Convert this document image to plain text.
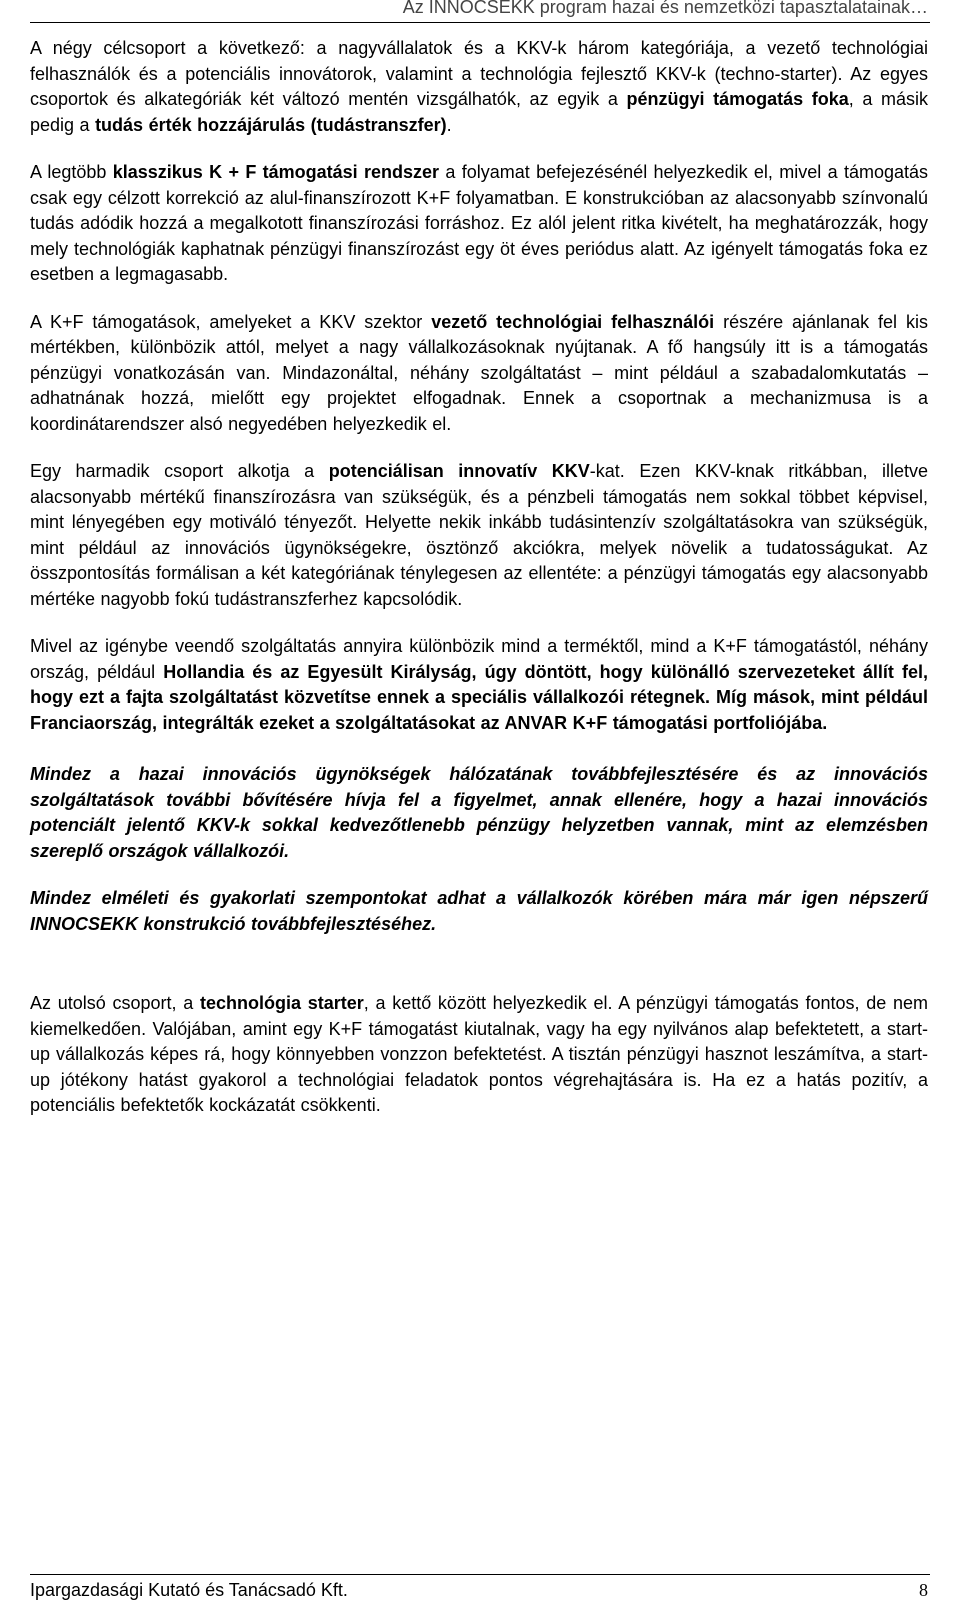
Az INNOCSEKK program hazai és nemzetközi tapasztalatainak…

A négy célcsoport a következő: a nagyvállalatok és a KKV-k három kategóriája, a vezető technológiai felhasználók és a potenciális innovátorok, valamint a technológia fejlesztő KKV-k (techno-starter). Az egyes csoportok és alkategóriák két változó mentén vizsgálhatók, az egyik a pénzügyi támogatás foka, a másik pedig a tudás érték hozzájárulás (tudástranszfer).

A legtöbb klasszikus K + F támogatási rendszer a folyamat befejezésénél helyezkedik el, mivel a támogatás csak egy célzott korrekció az alul-finanszírozott K+F folyamatban. E konstrukcióban az alacsonyabb színvonalú tudás adódik hozzá a megalkotott finanszírozási forráshoz. Ez alól jelent ritka kivételt, ha meghatározzák, hogy mely technológiák kaphatnak pénzügyi finanszírozást egy öt éves periódus alatt. Az igényelt támogatás foka ez esetben a legmagasabb.

A K+F támogatások, amelyeket a KKV szektor vezető technológiai felhasználói részére ajánlanak fel kis mértékben, különbözik attól, melyet a nagy vállalkozásoknak nyújtanak. A fő hangsúly itt is a támogatás pénzügyi vonatkozásán van. Mindazonáltal, néhány szolgáltatást – mint például a szabadalomkutatás – adhatnának hozzá, mielőtt egy projektet elfogadnak. Ennek a csoportnak a mechanizmusa is a koordinátarendszer alsó negyedében helyezkedik el.

Egy harmadik csoport alkotja a potenciálisan innovatív KKV-kat. Ezen KKV-knak ritkábban, illetve alacsonyabb mértékű finanszírozásra van szükségük, és a pénzbeli támogatás nem sokkal többet képvisel, mint lényegében egy motiváló tényezőt. Helyette nekik inkább tudásintenzív szolgáltatásokra van szükségük, mint például az innovációs ügynökségekre, ösztönző akciókra, melyek növelik a tudatosságukat. Az összpontosítás formálisan a két kategóriának ténylegesen az ellentéte: a pénzügyi támogatás egy alacsonyabb mértéke nagyobb fokú tudástranszferhez kapcsolódik.

Mivel az igénybe veendő szolgáltatás annyira különbözik mind a terméktől, mind a K+F támogatástól, néhány ország, például Hollandia és az Egyesült Királyság, úgy döntött, hogy különálló szervezeteket állít fel, hogy ezt a fajta szolgáltatást közvetítse ennek a speciális vállalkozói rétegnek. Míg mások, mint például Franciaország, integrálták ezeket a szolgáltatásokat az ANVAR K+F támogatási portfoliójába.

Mindez a hazai innovációs ügynökségek hálózatának továbbfejlesztésére és az innovációs szolgáltatások további bővítésére hívja fel a figyelmet, annak ellenére, hogy a hazai innovációs potenciált jelentő KKV-k sokkal kedvezőtlenebb pénzügy helyzetben vannak, mint az elemzésben szereplő országok vállalkozói.

Mindez elméleti és gyakorlati szempontokat adhat a vállalkozók körében mára már igen népszerű INNOCSEKK konstrukció továbbfejlesztéséhez.

Az utolsó csoport, a technológia starter, a kettő között helyezkedik el. A pénzügyi támogatás fontos, de nem kiemelkedően. Valójában, amint egy K+F támogatást kiutalnak, vagy ha egy nyilvános alap befektetett, a start-up vállalkozás képes rá, hogy könnyebben vonzzon befektetést. A tisztán pénzügyi hasznot leszámítva, a start-up jótékony hatást gyakorol a technológiai feladatok pontos végrehajtására is. Ha ez a hatás pozitív, a potenciális befektetők kockázatát csökkenti.

Ipargazdasági Kutató és Tanácsadó Kft.	8
